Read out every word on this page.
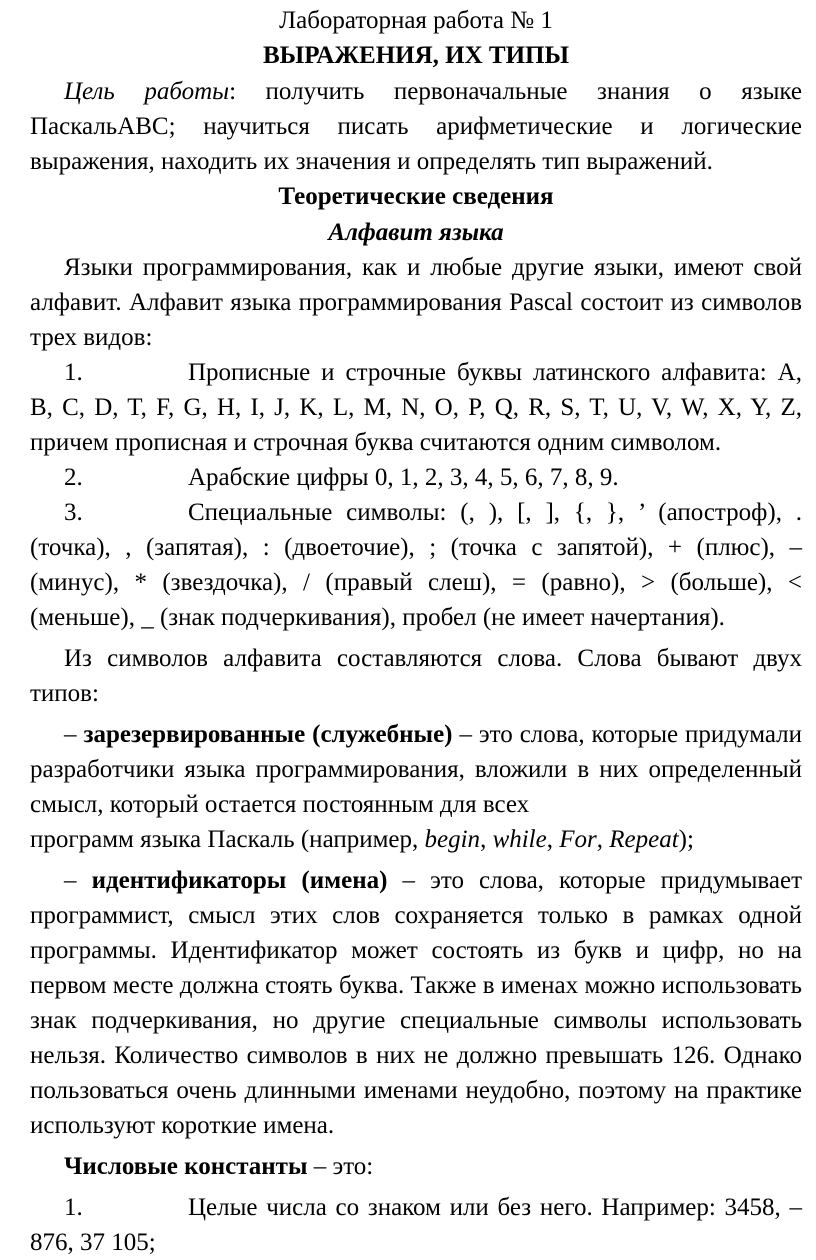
Лабораторная работа № 1

ВЫРАЖЕНИЯ, ИХ ТИПЫ

Цель работы: получить первоначальные знания о языке ПаскальABC; научиться писать арифметические и логические выражения, находить их значения и определять тип выражений.

Теоретические сведения

Алфавит языка

Языки программирования, как и любые другие языки, имеют свой алфавит. Алфавит языка программирования Pascal состоит из символов трех видов:

1.	Прописные и строчные буквы латинского алфавита: A, B, C, D, T, F, G, H, I, J, K, L, M, N, O, P, Q, R, S, T, U, V, W, X, Y, Z, причем прописная и строчная буква считаются одним символом.

2.	Арабские цифры 0, 1, 2, 3, 4, 5, 6, 7, 8, 9.

3.	Специальные символы: (, ), [, ], {, }, ’ (апостроф), . (точка), , (запятая), : (двоеточие), ; (точка с запятой), + (плюс), – (минус), * (звездочка), / (правый слеш), = (равно), > (больше), < (меньше), _ (знак подчеркивания), пробел (не имеет начертания).

Из символов алфавита составляются слова. Слова бывают двух типов:

– зарезервированные (служебные) – это слова, которые придумали разработчики языка программирования, вложили в них определенный смысл, который остается постоянным для всех

программ языка Паскаль (например, begin, while, For, Repeat);

– идентификаторы (имена) – это слова, которые придумывает программист, смысл этих слов сохраняется только в рамках одной программы. Идентификатор может состоять из букв и цифр, но на первом месте должна стоять буква. Также в именах можно использовать знак подчеркивания, но другие специальные символы использовать нельзя. Количество символов в них не должно превышать 126. Однако пользоваться очень длинными именами неудобно, поэтому на практике используют короткие имена.

Числовые константы – это:

1.	Целые числа со знаком или без него. Например: 3458, –876, 37 105;
